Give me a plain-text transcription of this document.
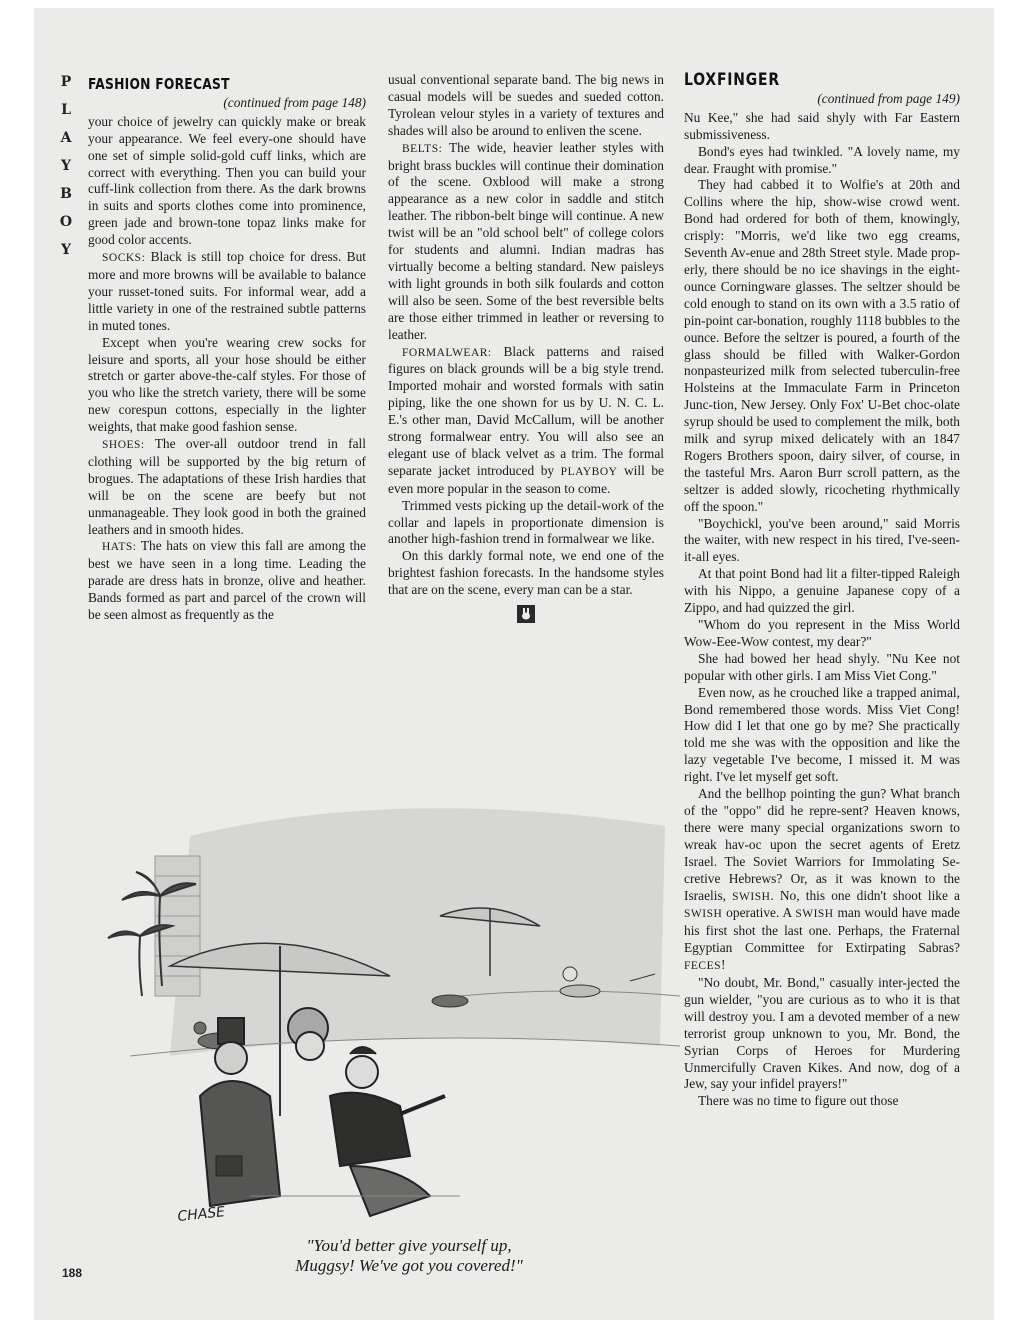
PLAYBOY
FASHION FORECAST

(continued from page 148)

your choice of jewelry can quickly make or break your appearance. We feel every-one should have one set of simple solid-gold cuff links, which are correct with everything. Then you can build your cuff-link collection from there. As the dark browns in suits and sports clothes come into prominence, green jade and brown-tone topaz links make for good color accents.

SOCKS: Black is still top choice for dress. But more and more browns will be available to balance your russet-toned suits. For informal wear, add a little variety in one of the restrained subtle patterns in muted tones.

Except when you're wearing crew socks for leisure and sports, all your hose should be either stretch or garter above-the-calf styles. For those of you who like the stretch variety, there will be some new corespun cottons, especially in the lighter weights, that make good fashion sense.

SHOES: The over-all outdoor trend in fall clothing will be supported by the big return of brogues. The adaptations of these Irish hardies that will be on the scene are beefy but not unmanageable. They look good in both the grained leathers and in smooth hides.

HATS: The hats on view this fall are among the best we have seen in a long time. Leading the parade are dress hats in bronze, olive and heather. Bands formed as part and parcel of the crown will be seen almost as frequently as the

usual conventional separate band. The big news in casual models will be suedes and sueded cotton. Tyrolean velour styles in a variety of textures and shades will also be around to enliven the scene.

BELTS: The wide, heavier leather styles with bright brass buckles will continue their domination of the scene. Oxblood will make a strong appearance as a new color in saddle and stitch leather. The ribbon-belt binge will continue. A new twist will be an "old school belt" of college colors for students and alumni. Indian madras has virtually become a belting standard. New paisleys with light grounds in both silk foulards and cotton will also be seen. Some of the best reversible belts are those either trimmed in leather or reversing to leather.

FORMALWEAR: Black patterns and raised figures on black grounds will be a big style trend. Imported mohair and worsted formals with satin piping, like the one shown for us by U. N. C. L. E.'s other man, David McCallum, will be another strong formalwear entry. You will also see an elegant use of black velvet as a trim. The formal separate jacket introduced by PLAYBOY will be even more popular in the season to come.

Trimmed vests picking up the detail-work of the collar and lapels in proportionate dimension is another high-fashion trend in formalwear we like.

On this darkly formal note, we end one of the brightest fashion forecasts. In the handsome styles that are on the scene, every man can be a star.

LOXFINGER

(continued from page 149)

Nu Kee," she had said shyly with Far Eastern submissiveness.

Bond's eyes had twinkled. "A lovely name, my dear. Fraught with promise."

They had cabbed it to Wolfie's at 20th and Collins where the hip, show-wise crowd went. Bond had ordered for both of them, knowingly, crisply: "Morris, we'd like two egg creams, Seventh Av-enue and 28th Street style. Made prop-erly, there should be no ice shavings in the eight-ounce Corningware glasses. The seltzer should be cold enough to stand on its own with a 3.5 ratio of pin-point car-bonation, roughly 1118 bubbles to the ounce. Before the seltzer is poured, a fourth of the glass should be filled with Walker-Gordon nonpasteurized milk from selected tuberculin-free Holsteins at the Immaculate Farm in Princeton Junc-tion, New Jersey. Only Fox' U-Bet choc-olate syrup should be used to complement the milk, both milk and syrup mixed delicately with an 1847 Rogers Brothers spoon, dairy silver, of course, in the tasteful Mrs. Aaron Burr scroll pattern, as the seltzer is added slowly, ricocheting rhythmically off the spoon."

"Boychickl, you've been around," said Morris the waiter, with new respect in his tired, I've-seen-it-all eyes.

At that point Bond had lit a filter-tipped Raleigh with his Nippo, a genuine Japanese copy of a Zippo, and had quizzed the girl.

"Whom do you represent in the Miss World Wow-Eee-Wow contest, my dear?"

She had bowed her head shyly. "Nu Kee not popular with other girls. I am Miss Viet Cong."

Even now, as he crouched like a trapped animal, Bond remembered those words. Miss Viet Cong! How did I let that one go by me? She practically told me she was with the opposition and like the lazy vegetable I've become, I missed it. M was right. I've let myself get soft.

And the bellhop pointing the gun? What branch of the "oppo" did he repre-sent? Heaven knows, there were many special organizations sworn to wreak hav-oc upon the secret agents of Eretz Israel. The Soviet Warriors for Immolating Se-cretive Hebrews? Or, as it was known to the Israelis, SWISH. No, this one didn't shoot like a SWISH operative. A SWISH man would have made his first shot the last one. Perhaps, the Fraternal Egyptian Committee for Extirpating Sabras? FECES!

"No doubt, Mr. Bond," casually inter-jected the gun wielder, "you are curious as to who it is that will destroy you. I am a devoted member of a new terrorist group unknown to you, Mr. Bond, the Syrian Corps of Heroes for Murdering Unmercifully Craven Kikes. And now, dog of a Jew, say your infidel prayers!"

There was no time to figure out those

CHASE
"You'd better give yourself up,
Muggsy! We've got you covered!"
188
